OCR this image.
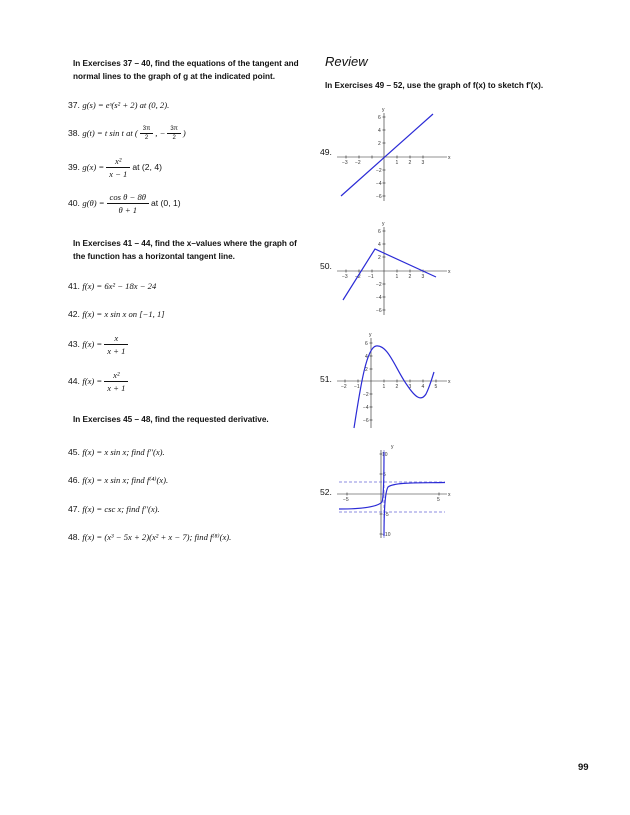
In Exercises 37 – 40, find the equations of the tangent and normal lines to the graph of g at the indicated point.
37. g(s) = eˢ(s² + 2) at (0, 2).
38. g(t) = t sin t at ( $\frac{3\pi}{2}$ , − $\frac{3\pi}{2}$ )
39. $g(x) = \frac{\text{x²}}{x - 1}$ at (2, 4)
40. $g(\theta) = \frac{\text{cos θ − 8θ}}{\theta + 1}$ at (0, 1)
In Exercises 41 – 44, find the x–values where the graph of the function has a horizontal tangent line.
41. f(x) = 6x² − 18x − 24
42. f(x) = x sin x on [−1, 1]
43. $f(x) = \frac{x}{x + 1}$
44. $f(x) = \frac{\text{x²}}{x + 1}$
In Exercises 45 – 48, find the requested derivative.
45. f(x) = x sin x; find f′′(x).
46. f(x) = x sin x; find f⁽⁴⁾(x).
47. f(x) = csc x; find f′′(x).
48. f(x) = (x³ − 5x + 2)(x² + x − 7); find f⁽⁸⁾(x).
Review
In Exercises 49 – 52, use the graph of f(x) to sketch f′(x).
49.
50.
51.
52.
x
y
−3 −2	1 2 3
6
4
2
−2
−4
−6
x
y
−3 −2 −1	1 2 3
6
4
2
−2
−4
−6
x
y
−2 −1	1 2 3 4 5
6
4
2
−2
−4
−6
x
y
−5	5
10
5
−5
−10
99
